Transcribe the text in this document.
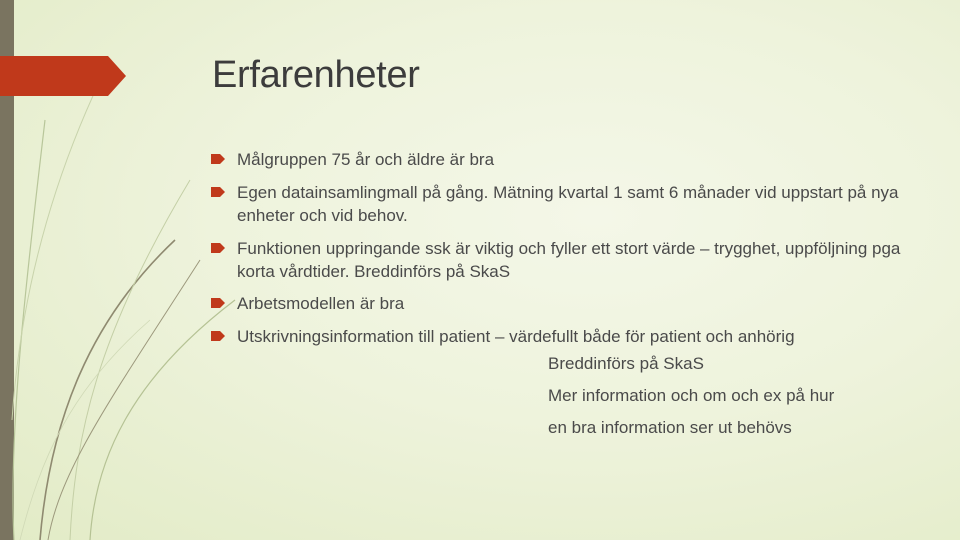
Erfarenheter
Målgruppen 75 år och äldre är bra
Egen datainsamlingmall på gång. Mätning kvartal 1 samt 6 månader vid uppstart på nya enheter och vid behov.
Funktionen uppringande ssk är viktig och fyller ett stort värde – trygghet, uppföljning pga korta vårdtider. Breddinförs på SkaS
Arbetsmodellen är bra
Utskrivningsinformation till patient – värdefullt både för patient och anhörig
Breddinförs på SkaS
Mer information och om och ex på hur
en bra information ser ut behövs
